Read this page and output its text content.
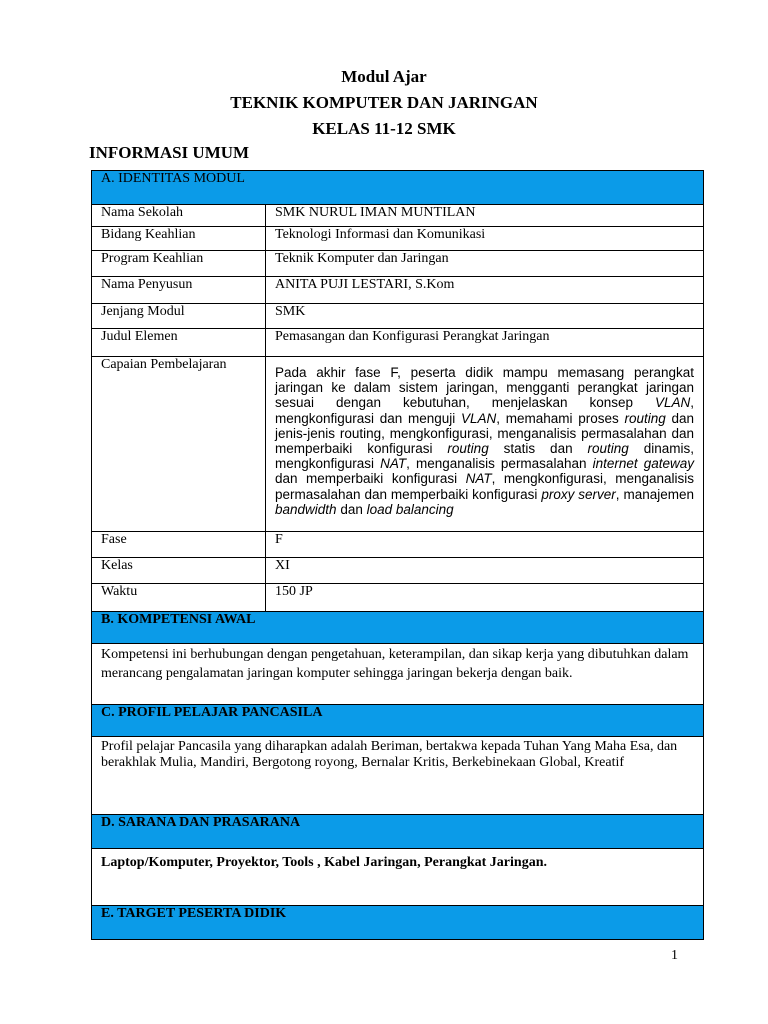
Modul Ajar
TEKNIK KOMPUTER DAN JARINGAN
KELAS 11-12 SMK
INFORMASI UMUM
A. IDENTITAS MODUL	
Nama Sekolah	SMK NURUL IMAN MUNTILAN
Bidang Keahlian	Teknologi Informasi dan Komunikasi
Program Keahlian	Teknik Komputer dan Jaringan
Nama Penyusun	ANITA PUJI LESTARI, S.Kom
Jenjang Modul	SMK
Judul Elemen	Pemasangan dan Konfigurasi Perangkat Jaringan
Capaian Pembelajaran	Pada akhir fase F, peserta didik mampu memasang perangkat jaringan ke dalam sistem jaringan, mengganti perangkat jaringan sesuai dengan kebutuhan, menjelaskan konsep VLAN, mengkonfigurasi dan menguji VLAN, memahami proses routing dan jenis-jenis routing, mengkonfigurasi, menganalisis permasalahan dan memperbaiki konfigurasi routing statis dan routing dinamis, mengkonfigurasi NAT, menganalisis permasalahan internet gateway dan memperbaiki konfigurasi NAT, mengkonfigurasi, menganalisis permasalahan dan memperbaiki konfigurasi proxy server, manajemen bandwidth dan load balancing

Fase	F
Kelas	XI
Waktu	150 JP
B. KOMPETENSI AWAL	
Kompetensi ini berhubungan dengan pengetahuan, keterampilan, dan sikap kerja yang dibutuhkan dalam merancang pengalamatan jaringan komputer sehingga jaringan bekerja dengan baik.	
C. PROFIL PELAJAR PANCASILA	
Profil pelajar Pancasila yang diharapkan adalah Beriman, bertakwa kepada Tuhan Yang Maha Esa, dan berakhlak Mulia, Mandiri, Bergotong royong, Bernalar Kritis, Berkebinekaan Global, Kreatif	
D. SARANA DAN PRASARANA	
Laptop/Komputer, Proyektor, Tools , Kabel Jaringan, Perangkat Jaringan.	
E. TARGET PESERTA DIDIK	
1
